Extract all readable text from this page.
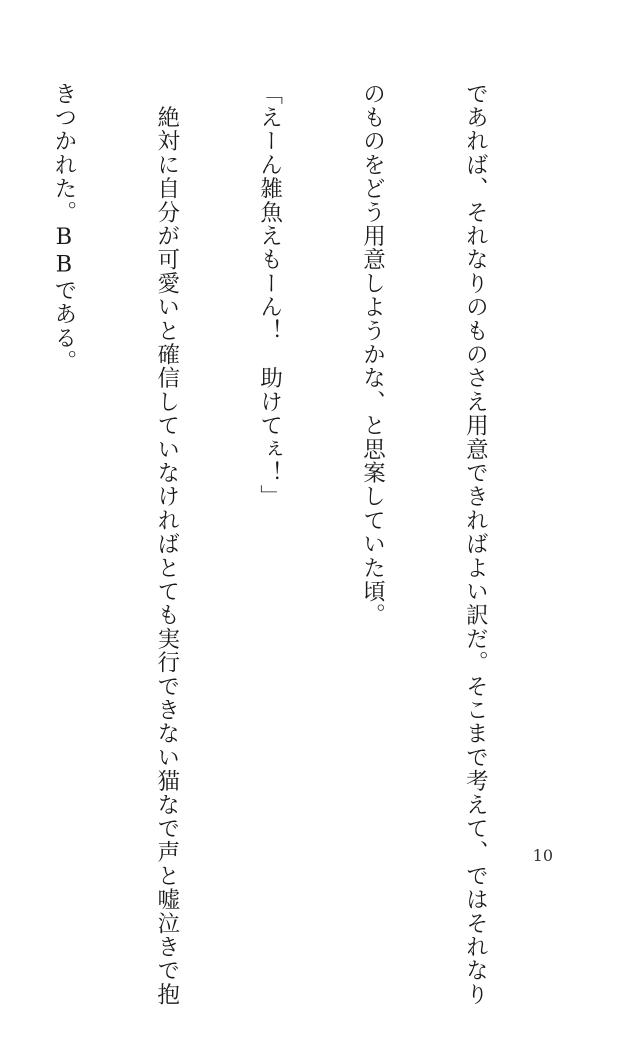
であれば、それなりのものさえ用意できればよい訳だ。そこまで考えて、ではそれなり

のものをどう用意しようかな、と思案していた頃。

「えーん雑魚えもーん！　助けてぇ！」

　絶対に自分が可愛いと確信していなければとても実行できない猫なで声と嘘泣きで抱

きつかれた。BBである。

10
